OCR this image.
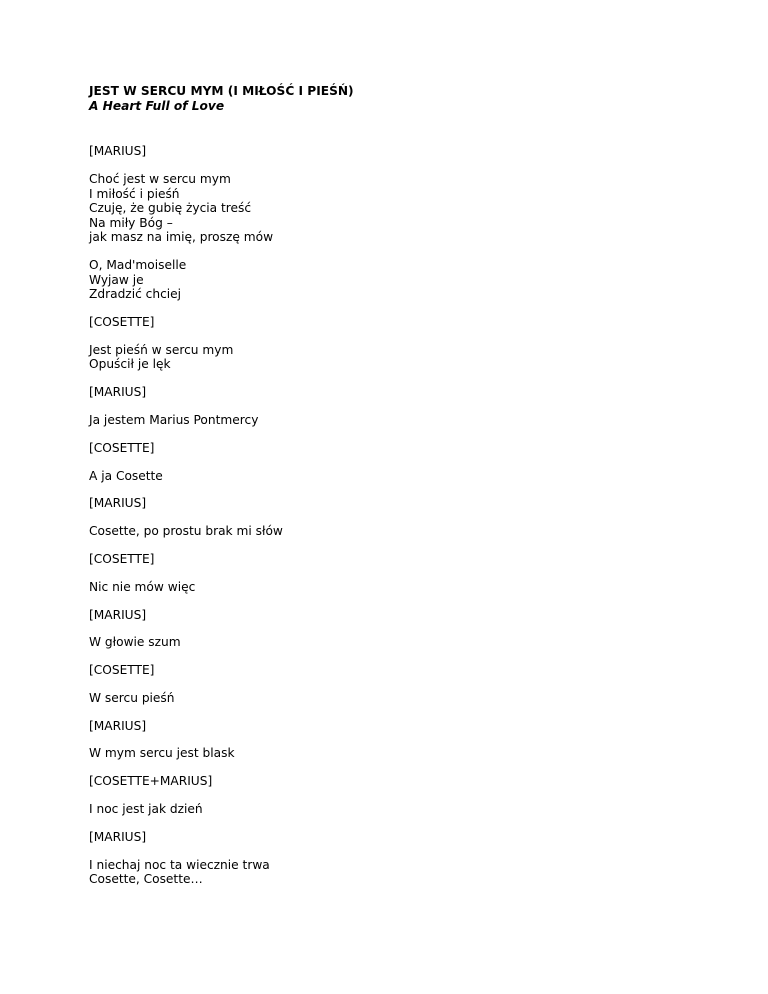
JEST W SERCU MYM (I MIŁOŚĆ I PIEŚŃ)

A Heart Full of Love

[MARIUS]
Choć jest w sercu mym
I miłość i pieśń
Czuję, że gubię życia treść
Na miły Bóg –
jak masz na imię, proszę mów
O, Mad'moiselle
Wyjaw je
Zdradzić chciej
[COSETTE]
Jest pieśń w sercu mym
Opuścił je lęk
[MARIUS]
Ja jestem Marius Pontmercy
[COSETTE]
A ja Cosette
[MARIUS]
Cosette, po prostu brak mi słów
[COSETTE]
Nic nie mów więc
[MARIUS]
W głowie szum
[COSETTE]
W sercu pieśń
[MARIUS]
W mym sercu jest blask
[COSETTE+MARIUS]
I noc jest jak dzień
[MARIUS]
I niechaj noc ta wiecznie trwa
Cosette, Cosette…
